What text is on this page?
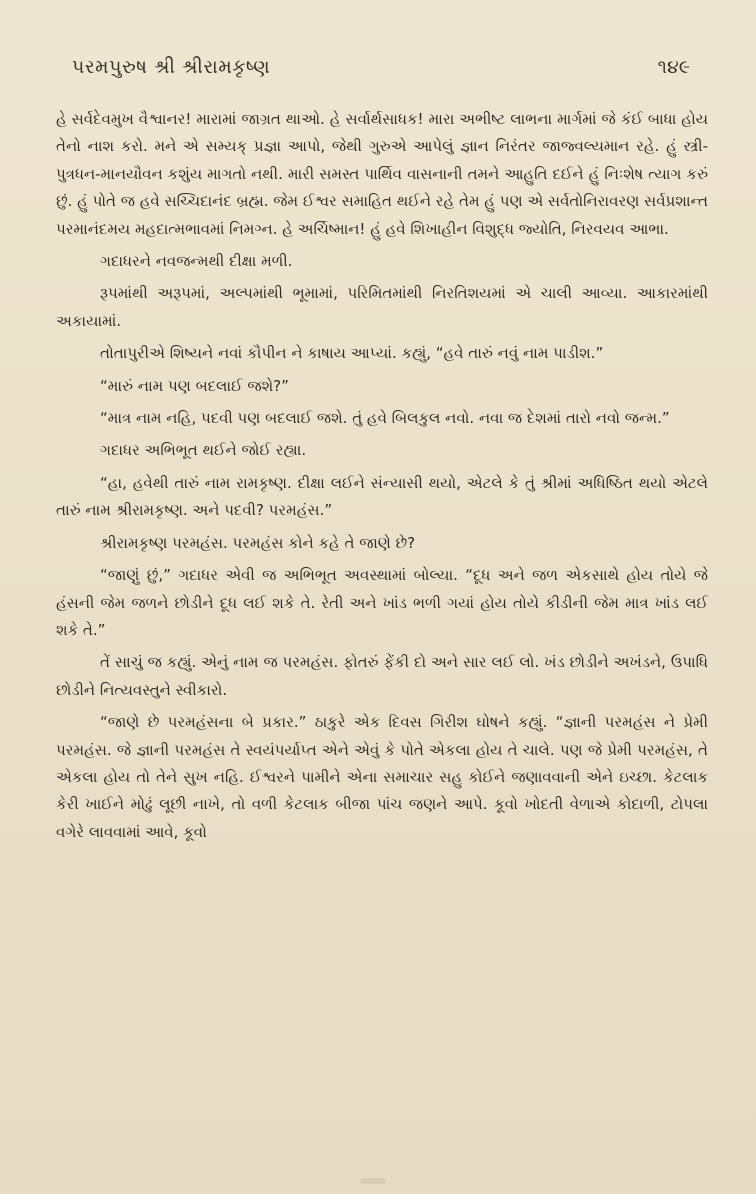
પરમપુરુષ શ્રી શ્રીરામકૃષ્ણ	૧૪૯

હે સર્વદેવમુખ વૈશ્વાનર! મારામાં જાગ્રત થાઓ. હે સર્વાર્થસાધક! મારા અભીષ્ટ લાભના માર્ગમાં જે કંઈ બાધા હોય તેનો નાશ કરો. મને એ સમ્યક્ પ્રજ્ઞા આપો, જેથી ગુરુએ આપેલું જ્ઞાન નિરંતર જાજ્વલ્યમાન રહે. હું સ્ત્રી-પુત્રધન-માનયૌવન કશુંય માગતો નથી. મારી સમસ્ત પાર્થિવ વાસનાની તમને આહુતિ દઈને હું નિઃશેષ ત્યાગ કરું છું. હું પોતે જ હવે સચ્ચિદાનંદ બ્રહ્મ. જેમ ઈશ્વર સમાહિત થઈને રહે તેમ હું પણ એ સર્વતોનિરાવરણ સર્વપ્રશાન્ત પરમાનંદમય મહદાત્મભાવમાં નિમગ્ન. હે અર્ચિષ્માન! હું હવે શિખાહીન વિશુદ્ધ જ્યોતિ, નિરવયવ આભા.

ગદાધરને નવજન્મથી દીક્ષા મળી.

રૂપમાંથી અરૂપમાં, અલ્પમાંથી ભૂમામાં, પરિમિતમાંથી નિરતિશયમાં એ ચાલી આવ્યા. આકારમાંથી અકાયામાં.

તોતાપુરીએ શિષ્યને નવાં કૌપીન ને કાષાય આપ્યાં. કહ્યું, “હવે તારું નવું નામ પાડીશ.”

“મારું નામ પણ બદલાઈ જશે?”

“માત્ર નામ નહિ, પદવી પણ બદલાઈ જશે. તું હવે બિલકુલ નવો. નવા જ દેશમાં તારો નવો જન્મ.”

ગદાધર અભિભૂત થઈને જોઈ રહ્યા.

“હા, હવેથી તારું નામ રામકૃષ્ણ. દીક્ષા લઈને સંન્યાસી થયો, એટલે કે તું શ્રીમાં અધિષ્ઠિત થયો એટલે તારું નામ શ્રીરામકૃષ્ણ. અને પદવી? પરમહંસ.”

શ્રીરામકૃષ્ણ પરમહંસ. પરમહંસ કોને કહે તે જાણે છે?

“જાણું છું,” ગદાધર એવી જ અભિભૂત અવસ્થામાં બોલ્યા. “દૂધ અને જળ એકસાથે હોય તોયે જે હંસની જેમ જળને છોડીને દૂધ લઈ શકે તે. રેતી અને ખાંડ ભળી ગયાં હોય તોયે કીડીની જેમ માત્ર ખાંડ લઈ શકે તે.”

તેં સાચું જ કહ્યું. એનું નામ જ પરમહંસ. ફોતરું ફેંકી દો અને સાર લઈ લો. ખંડ છોડીને અખંડને, ઉપાધિ છોડીને નિત્યવસ્તુને સ્વીકારો.

“જાણે છે પરમહંસના બે પ્રકાર.” ઠાકુરે એક દિવસ ગિરીશ ઘોષને કહ્યું. “જ્ઞાની પરમહંસ ને પ્રેમી પરમહંસ. જે જ્ઞાની પરમહંસ તે સ્વયંપર્યાપ્ત એને એવું કે પોતે એકલા હોય તે ચાલે. પણ જે પ્રેમી પરમહંસ, તે એકલા હોય તો તેને સુખ નહિ. ઈશ્વરને પામીને એના સમાચાર સહુ કોઈને જણાવવાની એને ઇચ્છા. કેટલાક કેરી ખાઈને મોઢું લૂછી નાખે, તો વળી કેટલાક બીજા પાંચ જણને આપે. કૂવો ખોદતી વેળાએ કોદાળી, ટોપલા વગેરે લાવવામાં આવે, કૂવો
